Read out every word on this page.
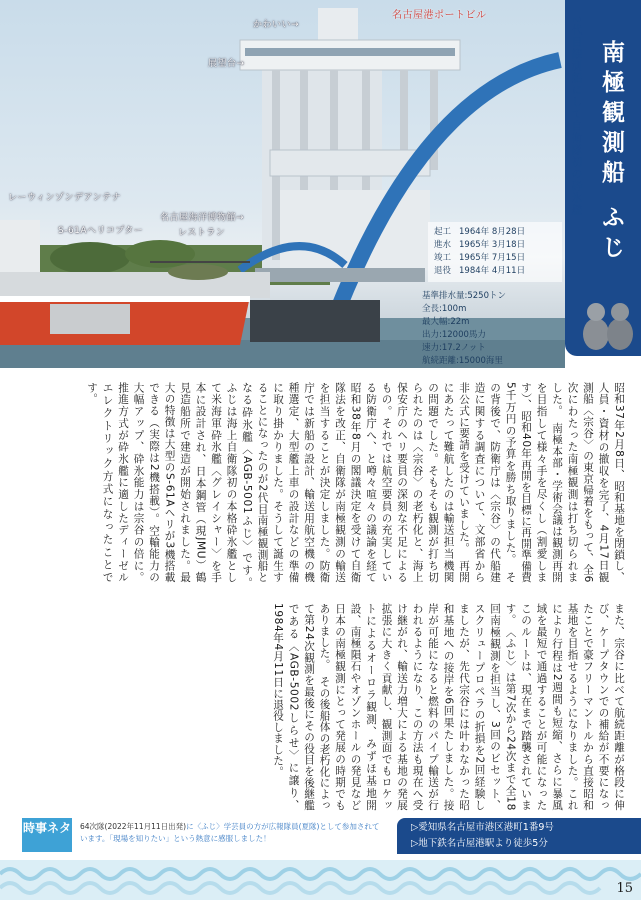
名古屋港ポートビル
かわいい→
展望台→
レーウィンゾンデアンテナ
S-61Aヘリコプター
名古屋海洋博物館→
レストラン	起工 1964年 8月28日
進水 1965年 3月18日
竣工 1965年 7月15日
退役 1984年 4月11日
基準排水量:5250トン
全長:100m
最大幅:22m
出力:12000馬力
速力:17.2ノット
航続距離:15000海里
2代目観測船にして自衛隊初の砕氷艦 南極観測船 ふじ
昭和37年2月8日、昭和基地を閉鎖し、人員・資材の撤収を完了、4月17日観測船〈宗谷〉の東京帰着をもって、全6次にわたった南極観測は打ち切られました。　南極本部・学術会議は観測再開を目指して様々手を尽くし（割愛します）、昭和40年再開を目標に再開準備費5千万円の予算を勝ち取りました。　その背後で、防衛庁は〈宗谷〉の代船建造に関する調査について、文部省から非公式に要請を受けていました。　再開にあたって難航したのは輸送担当機関の問題でした。そもそも観測が打ち切られたのは〈宗谷〉の老朽化と、海上保安庁のヘリ要員の深刻な不足によるもの。それでは航空要員の充実している防衛庁へ、と噂々喧々の議論を経て昭和38年8月の閣議決定を受けて自衛隊法を改正、自衛隊が南極観測の輸送を担当することが決定しました。防衛庁では新船の設計、輸送用航空機の機種選定、大型艦上車の設計などの準備に取り掛かりました。そうして誕生することになったのが2代目南極観測船となる砕氷艦〈AGB-5001ふじ〉です。　ふじは海上自衛隊初の本格砕氷艦として米海軍砕氷艦〈グレイシャー〉を手本に設計され、日本鋼管（現JMU）鶴見造船所で建造が開始されました。最大の特徴は大型のS-61Aヘリが3機搭載できる（実際は2機搭載）。空輸能力の大幅アップ、砕氷能力は宗谷の倍に。推進方式が砕氷艦に適したディーゼルエレクトリック方式になったことです。
また、宗谷に比べて航続距離が格段に伸び、ケープタウンでの補給が不要になったことで豪フリーマントルから直接昭和基地を目指せるようになりました。これにより行程は2週間も短縮、さらに暴風域を最短で通過することが可能になったこのルートは、現在まで踏襲されています。　〈ふじ〉は第7次から24次まで全18回南極観測を担当し、3回のビセット、スクリュープロペラの折損を2回経験しましたが、先代宗谷には叶わなかった昭和基地への接岸を6回果たしました。接岸が可能になると燃料のパイプ輸送が行われるようになり、この方法も現在へ受け継がれ、輸送力増大による基地の発展拡張に大きく貢献し、観測面でもロケットによるオーロラ観測、みずほ基地開設、南極隕石やオゾンホールの発見など日本の南極観測にとって発展の時期でもありました。　その後船体の老朽化によって第24次観測を最後にその役目を後継艦である〈AGB-5002しらせ〉に譲り、1984年4月11日に退役しました。
時事ネタ 64次隊(2022年11月11日出発)に〈ふじ〉学芸員の方が広報隊員(夏隊)として参加されています。「現場を知りたい」という熱意に感服しました！
▷愛知県名古屋市港区港町1番9号
▷地下鉄名古屋港駅より徒歩5分
15
